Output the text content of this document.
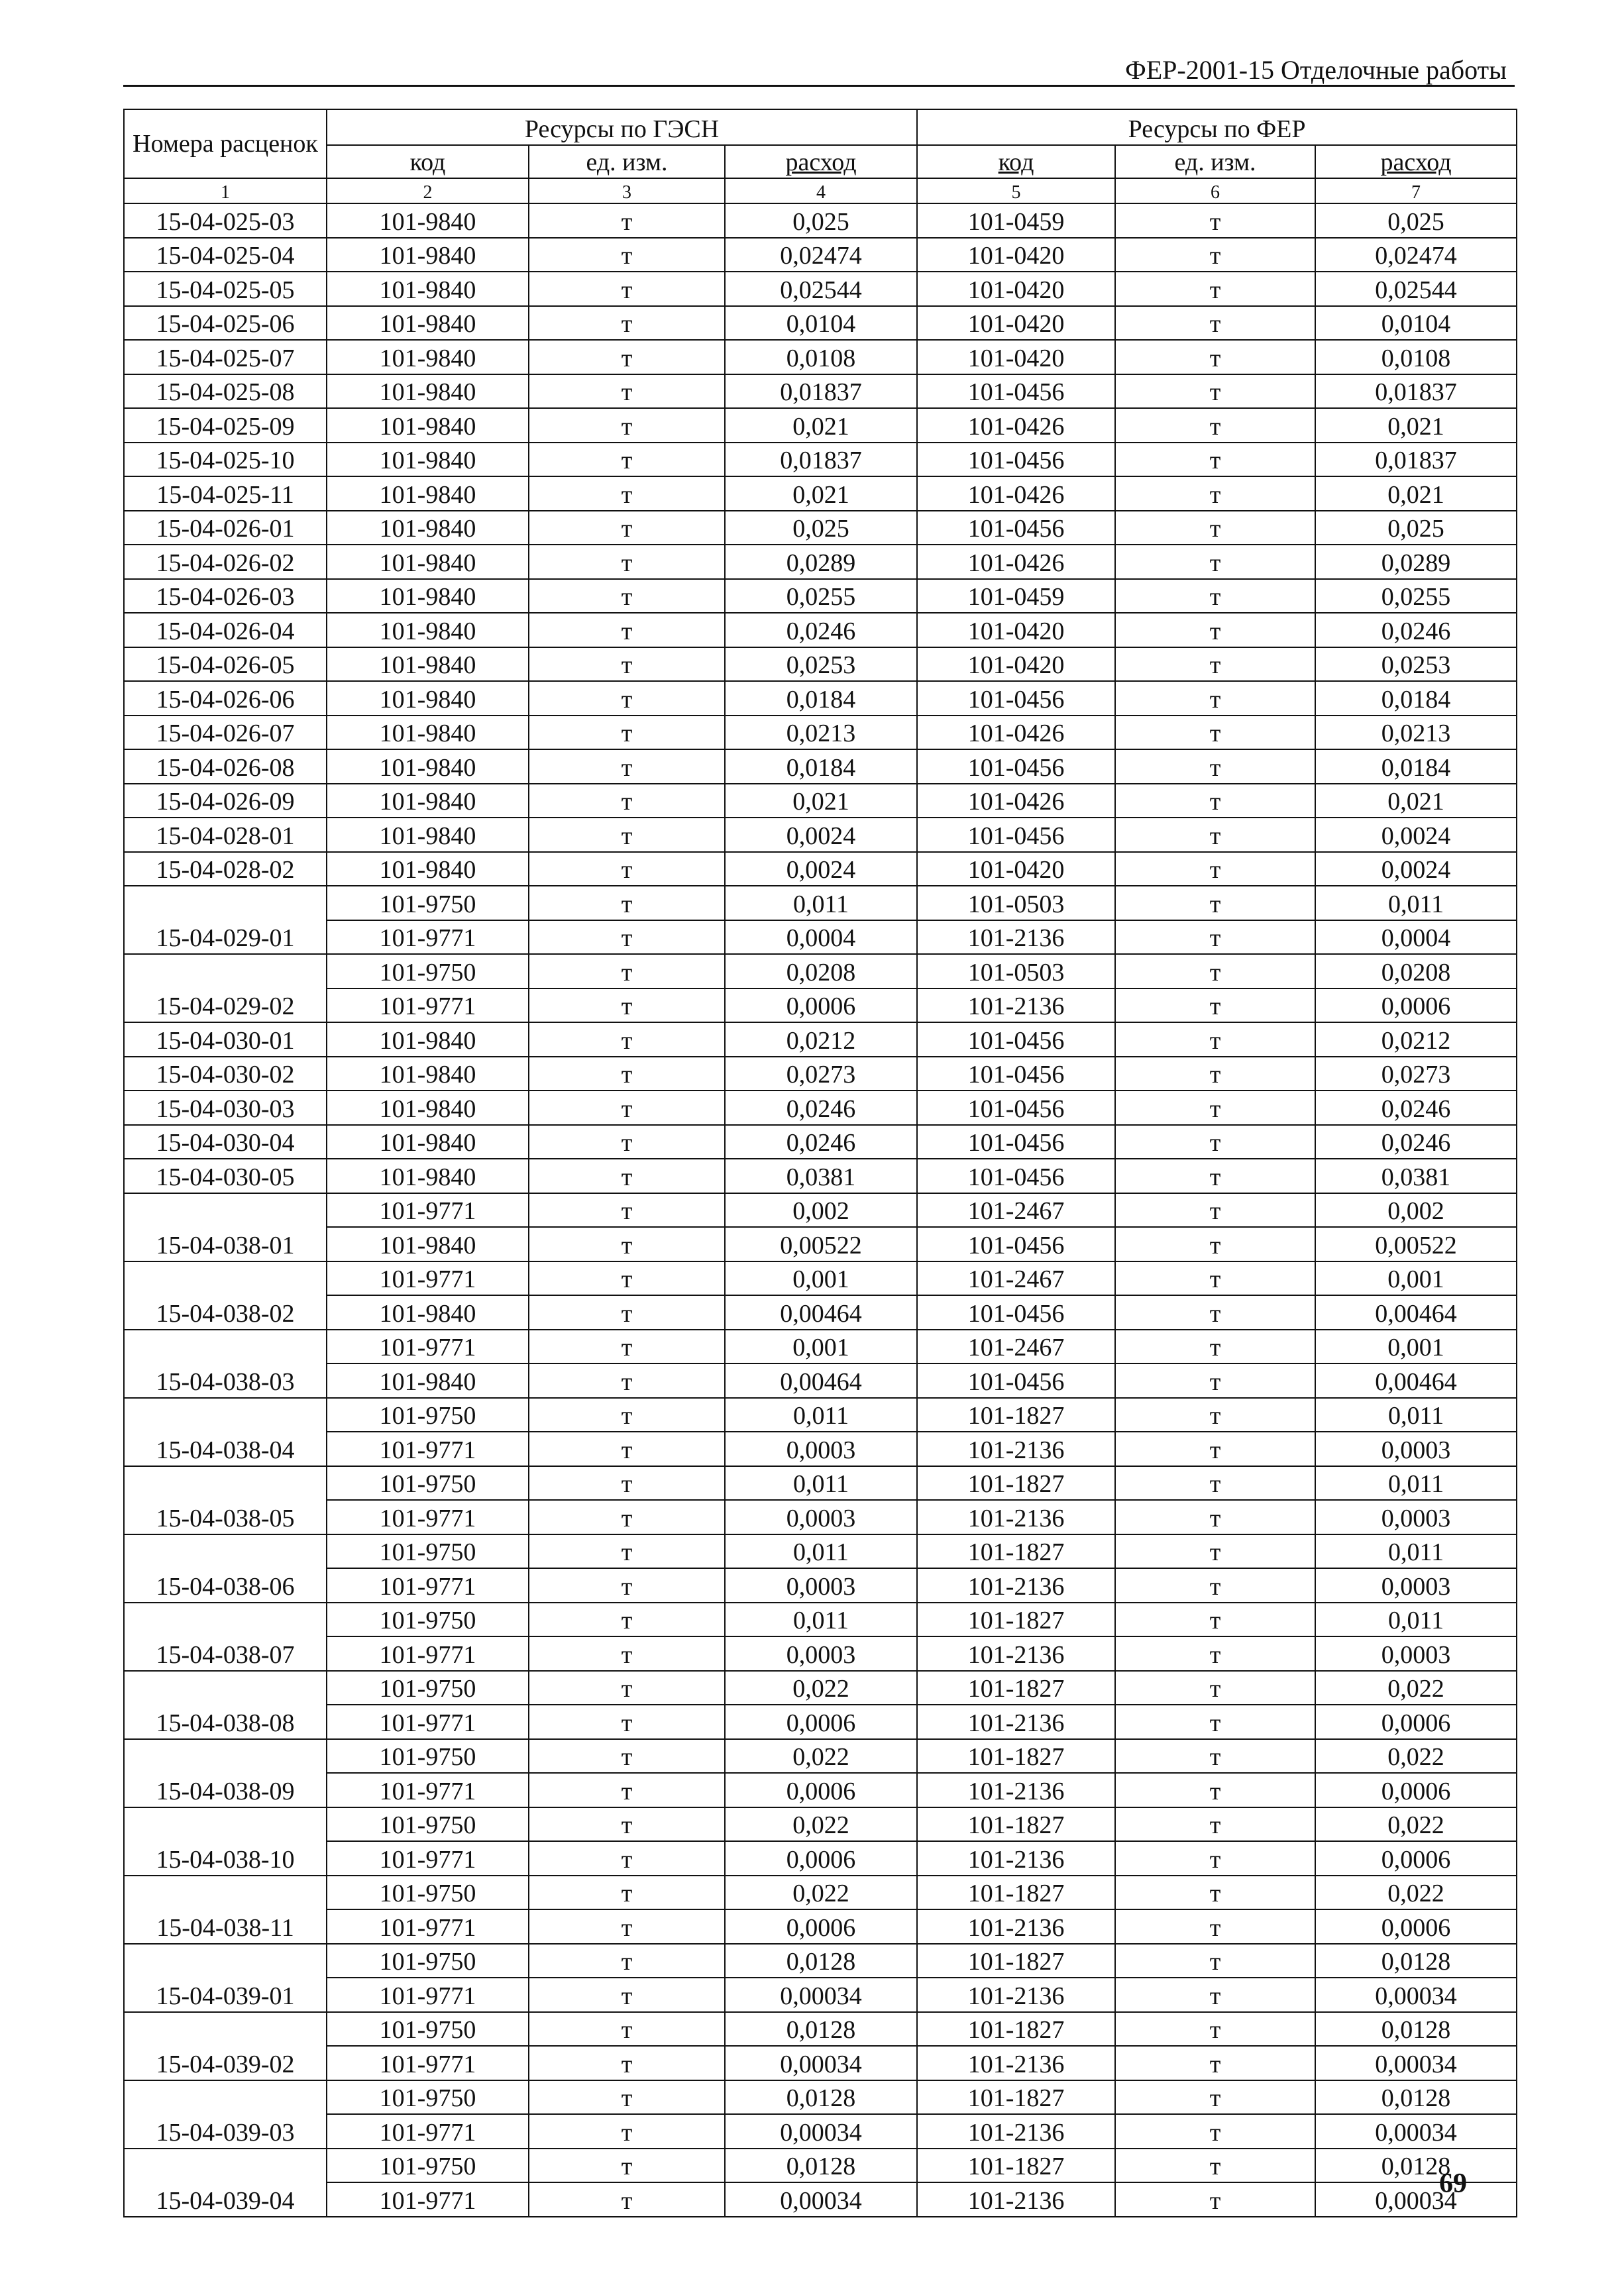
ФЕР-2001-15 Отделочные работы
Номера расценок	Ресурсы по ГЭСН			Ресурсы по ФЕР		
	код	ед. изм.	расход	код	ед. изм.	расход
1	2	3	4	5	6	7
15-04-025-03	101-9840	т	0,025	101-0459	т	0,025
15-04-025-04	101-9840	т	0,02474	101-0420	т	0,02474
15-04-025-05	101-9840	т	0,02544	101-0420	т	0,02544
15-04-025-06	101-9840	т	0,0104	101-0420	т	0,0104
15-04-025-07	101-9840	т	0,0108	101-0420	т	0,0108
15-04-025-08	101-9840	т	0,01837	101-0456	т	0,01837
15-04-025-09	101-9840	т	0,021	101-0426	т	0,021
15-04-025-10	101-9840	т	0,01837	101-0456	т	0,01837
15-04-025-11	101-9840	т	0,021	101-0426	т	0,021
15-04-026-01	101-9840	т	0,025	101-0456	т	0,025
15-04-026-02	101-9840	т	0,0289	101-0426	т	0,0289
15-04-026-03	101-9840	т	0,0255	101-0459	т	0,0255
15-04-026-04	101-9840	т	0,0246	101-0420	т	0,0246
15-04-026-05	101-9840	т	0,0253	101-0420	т	0,0253
15-04-026-06	101-9840	т	0,0184	101-0456	т	0,0184
15-04-026-07	101-9840	т	0,0213	101-0426	т	0,0213
15-04-026-08	101-9840	т	0,0184	101-0456	т	0,0184
15-04-026-09	101-9840	т	0,021	101-0426	т	0,021
15-04-028-01	101-9840	т	0,0024	101-0456	т	0,0024
15-04-028-02	101-9840	т	0,0024	101-0420	т	0,0024
15-04-029-01	101-9750	т	0,011	101-0503	т	0,011
	101-9771	т	0,0004	101-2136	т	0,0004
15-04-029-02	101-9750	т	0,0208	101-0503	т	0,0208
	101-9771	т	0,0006	101-2136	т	0,0006
15-04-030-01	101-9840	т	0,0212	101-0456	т	0,0212
15-04-030-02	101-9840	т	0,0273	101-0456	т	0,0273
15-04-030-03	101-9840	т	0,0246	101-0456	т	0,0246
15-04-030-04	101-9840	т	0,0246	101-0456	т	0,0246
15-04-030-05	101-9840	т	0,0381	101-0456	т	0,0381
15-04-038-01	101-9771	т	0,002	101-2467	т	0,002
	101-9840	т	0,00522	101-0456	т	0,00522
15-04-038-02	101-9771	т	0,001	101-2467	т	0,001
	101-9840	т	0,00464	101-0456	т	0,00464
15-04-038-03	101-9771	т	0,001	101-2467	т	0,001
	101-9840	т	0,00464	101-0456	т	0,00464
15-04-038-04	101-9750	т	0,011	101-1827	т	0,011
	101-9771	т	0,0003	101-2136	т	0,0003
15-04-038-05	101-9750	т	0,011	101-1827	т	0,011
	101-9771	т	0,0003	101-2136	т	0,0003
15-04-038-06	101-9750	т	0,011	101-1827	т	0,011
	101-9771	т	0,0003	101-2136	т	0,0003
15-04-038-07	101-9750	т	0,011	101-1827	т	0,011
	101-9771	т	0,0003	101-2136	т	0,0003
15-04-038-08	101-9750	т	0,022	101-1827	т	0,022
	101-9771	т	0,0006	101-2136	т	0,0006
15-04-038-09	101-9750	т	0,022	101-1827	т	0,022
	101-9771	т	0,0006	101-2136	т	0,0006
15-04-038-10	101-9750	т	0,022	101-1827	т	0,022
	101-9771	т	0,0006	101-2136	т	0,0006
15-04-038-11	101-9750	т	0,022	101-1827	т	0,022
	101-9771	т	0,0006	101-2136	т	0,0006
15-04-039-01	101-9750	т	0,0128	101-1827	т	0,0128
	101-9771	т	0,00034	101-2136	т	0,00034
15-04-039-02	101-9750	т	0,0128	101-1827	т	0,0128
	101-9771	т	0,00034	101-2136	т	0,00034
15-04-039-03	101-9750	т	0,0128	101-1827	т	0,0128
	101-9771	т	0,00034	101-2136	т	0,00034
15-04-039-04	101-9750	т	0,0128	101-1827	т	0,0128
	101-9771	т	0,00034	101-2136	т	0,00034
69
